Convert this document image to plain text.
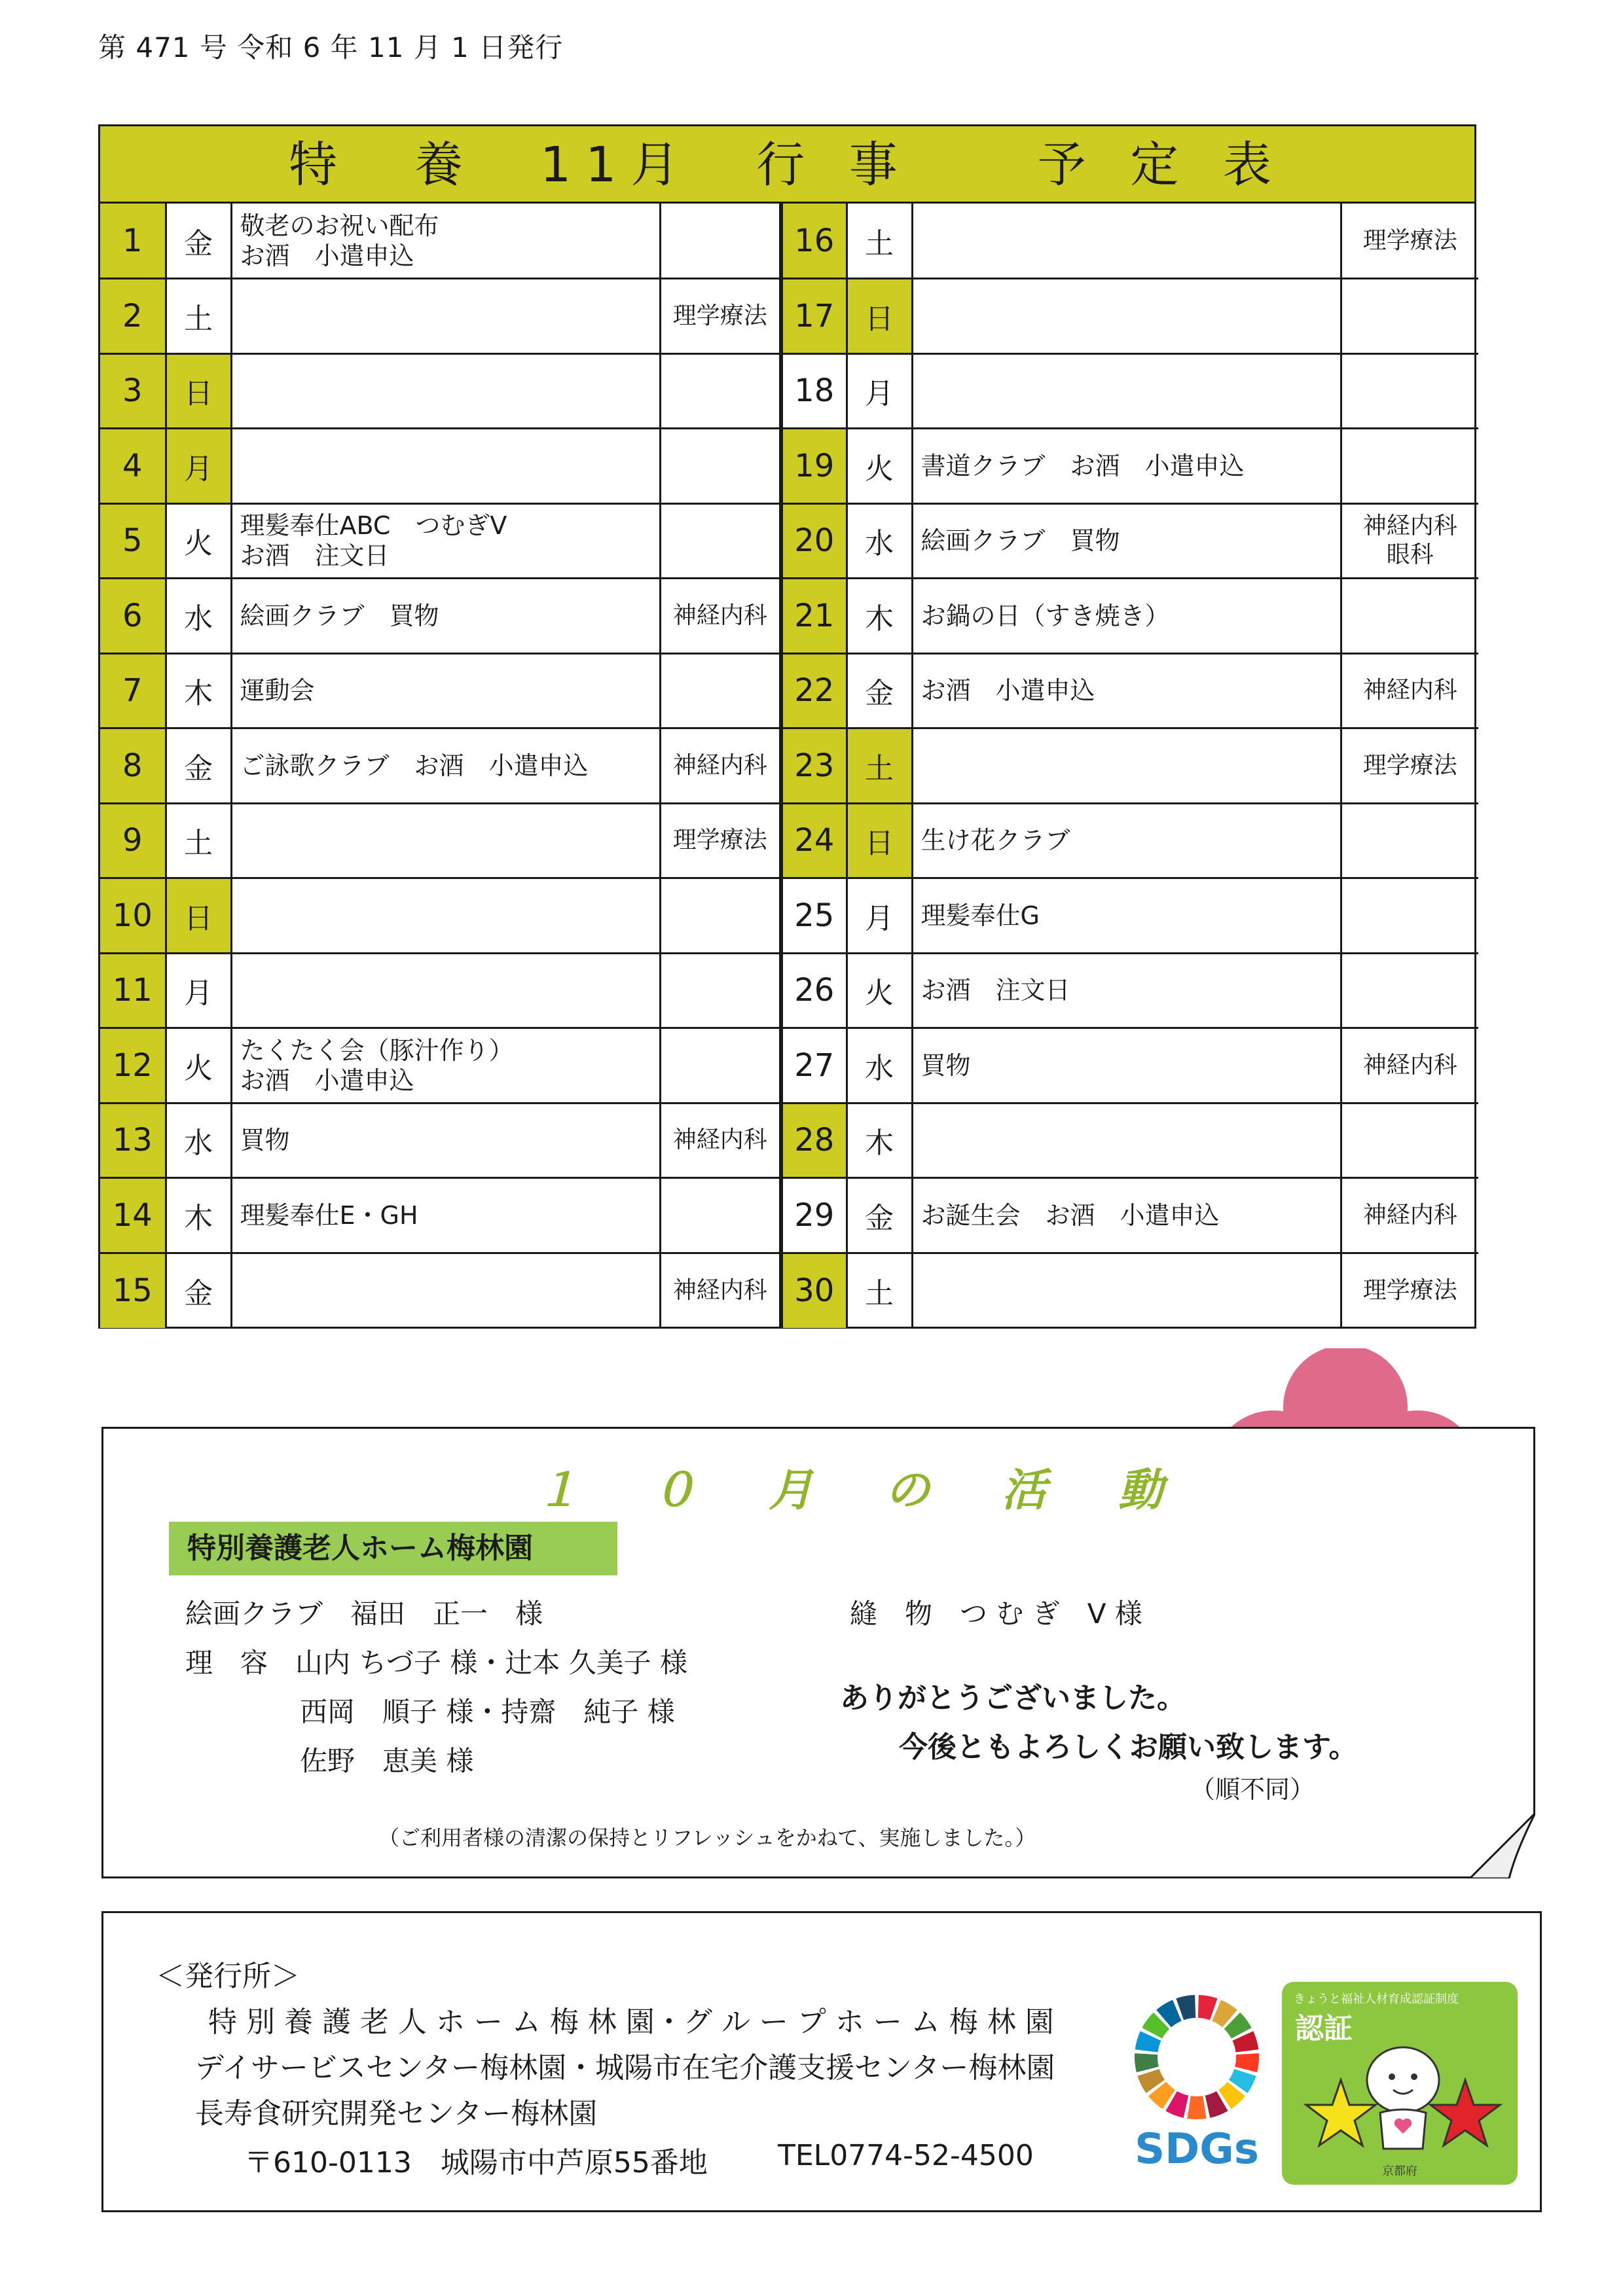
第 471 号 令和 6 年 11 月 1 日発行
特　養　11月　行 事　　予 定 表
1	金	敬老のお祝い配布
お酒　小遣申込		16	土		理学療法
2	土		理学療法	17	日		
3	日			18	月		
4	月			19	火	書道クラブ　お酒　小遣申込	
5	火	理髪奉仕ABC　つむぎV
お酒　注文日		20	水	絵画クラブ　買物	神経内科
眼科
6	水	絵画クラブ　買物	神経内科	21	木	お鍋の日（すき焼き）	
7	木	運動会		22	金	お酒　小遣申込	神経内科
8	金	ご詠歌クラブ　お酒　小遣申込	神経内科	23	土		理学療法
9	土		理学療法	24	日	生け花クラブ	
10	日			25	月	理髪奉仕G	
11	月			26	火	お酒　注文日	
12	火	たくたく会（豚汁作り）
お酒　小遣申込		27	水	買物	神経内科
13	水	買物	神経内科	28	木		
14	木	理髪奉仕E・GH		29	金	お誕生会　お酒　小遣申込	神経内科
15	金		神経内科	30	土		理学療法
１０月の活動
特別養護老人ホーム梅林園
絵画クラブ　福田　正一　様
理　容　山内 ちづ子 様・辻本 久美子 様
西岡　順子 様・持齋　純子 様
佐野　恵美 様
縫　物　つ む ぎ　V 様
ありがとうございました。
今後ともよろしくお願い致します。
（順不同）
（ご利用者様の清潔の保持とリフレッシュをかねて、実施しました。）
＜発行所＞
特 別 養 護 老 人 ホ ー ム 梅 林 園・グ ル ー プ ホ ー ム 梅 林 園
デイサービスセンター梅林園・城陽市在宅介護支援センター梅林園
長寿食研究開発センター梅林園
〒610-0113　城陽市中芦原55番地 TEL0774-52-4500 SDGs
きょうと福祉人材育成認証制度
認証
京都府
